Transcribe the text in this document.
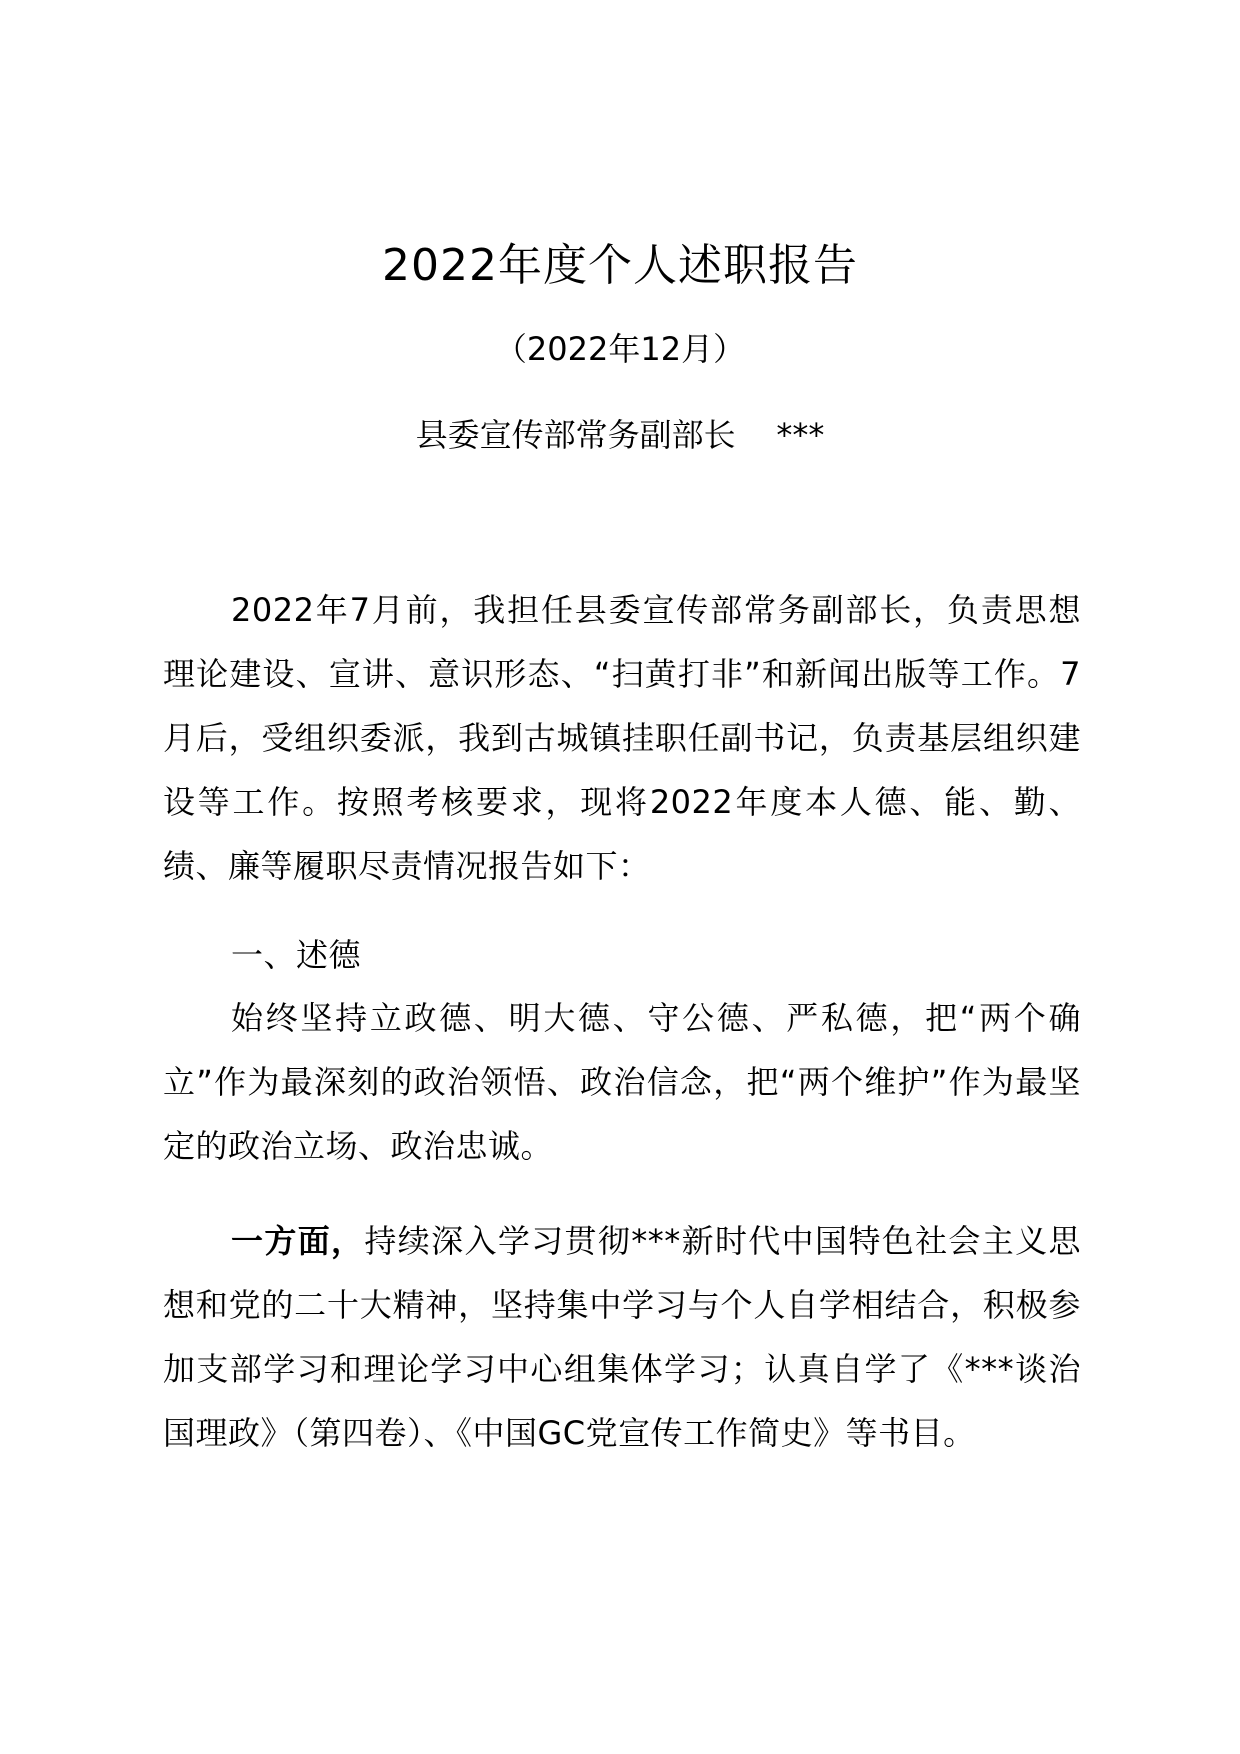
2022年度个人述职报告
（2022年12月）
县委宣传部常务副部长    ***
2022年7月前，我担任县委宣传部常务副部长，负责思想理论建设、宣讲、意识形态、“扫黄打非”和新闻出版等工作。7月后，受组织委派，我到古城镇挂职任副书记，负责基层组织建设等工作。按照考核要求，现将2022年度本人德、能、勤、绩、廉等履职尽责情况报告如下：
一、述德
始终坚持立政德、明大德、守公德、严私德，把“两个确立”作为最深刻的政治领悟、政治信念，把“两个维护”作为最坚定的政治立场、政治忠诚。
一方面，持续深入学习贯彻***新时代中国特色社会主义思想和党的二十大精神，坚持集中学习与个人自学相结合，积极参加支部学习和理论学习中心组集体学习；认真自学了《***谈治国理政》（第四卷）、《中国GC党宣传工作简史》等书目。
